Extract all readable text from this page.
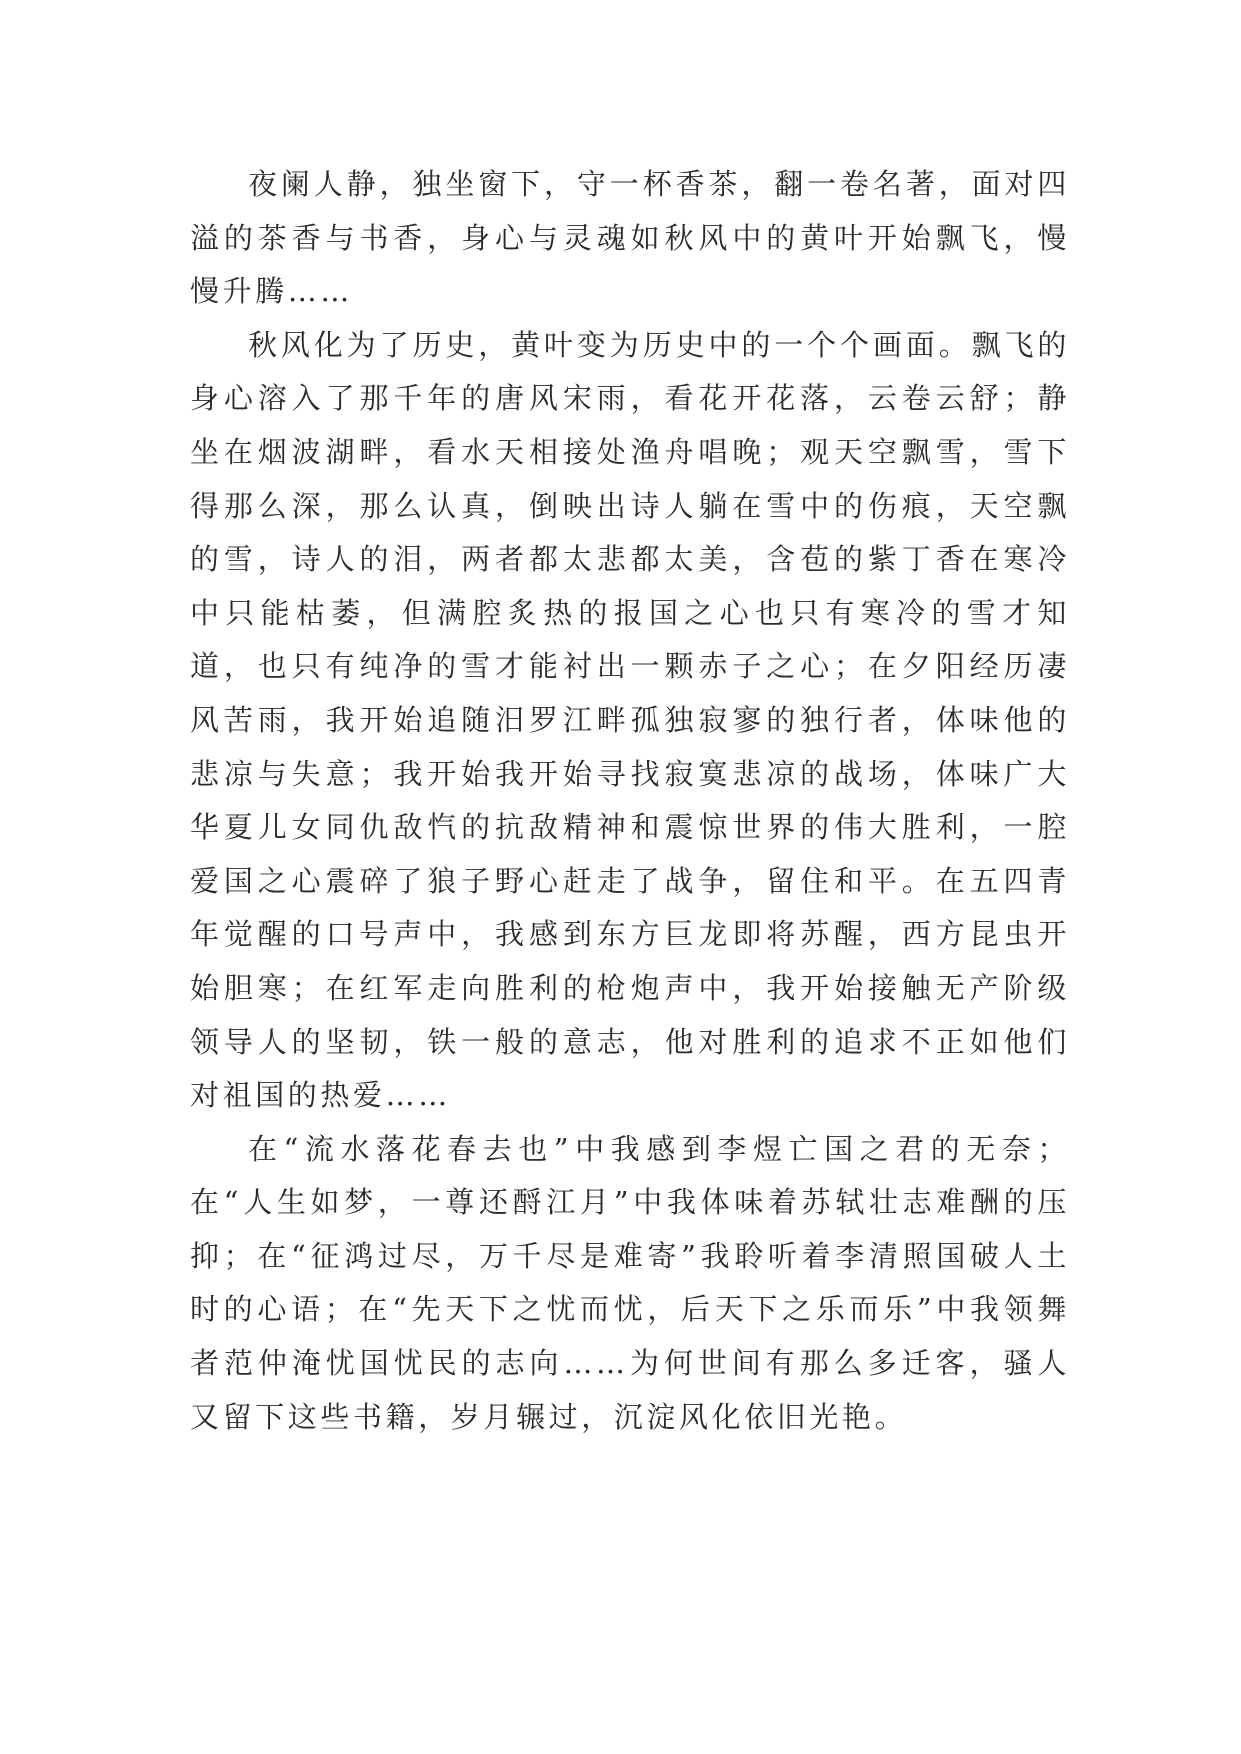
夜阑人静，独坐窗下，守一杯香茶，翻一卷名著，面对四溢的茶香与书香，身心与灵魂如秋风中的黄叶开始飘飞，慢慢升腾……

秋风化为了历史，黄叶变为历史中的一个个画面。飘飞的身心溶入了那千年的唐风宋雨，看花开花落，云卷云舒；静坐在烟波湖畔，看水天相接处渔舟唱晚；观天空飘雪，雪下得那么深，那么认真，倒映出诗人躺在雪中的伤痕，天空飘的雪，诗人的泪，两者都太悲都太美，含苞的紫丁香在寒冷中只能枯萎，但满腔炙热的报国之心也只有寒冷的雪才知道，也只有纯净的雪才能衬出一颗赤子之心；在夕阳经历凄风苦雨，我开始追随汨罗江畔孤独寂寥的独行者，体味他的悲凉与失意；我开始我开始寻找寂寞悲凉的战场，体味广大华夏儿女同仇敌忾的抗敌精神和震惊世界的伟大胜利，一腔爱国之心震碎了狼子野心赶走了战争，留住和平。在五四青年觉醒的口号声中，我感到东方巨龙即将苏醒，西方昆虫开始胆寒；在红军走向胜利的枪炮声中，我开始接触无产阶级领导人的坚韧，铁一般的意志，他对胜利的追求不正如他们对祖国的热爱……

在“流水落花春去也”中我感到李煜亡国之君的无奈；在“人生如梦，一尊还酹江月”中我体味着苏轼壮志难酬的压抑；在“征鸿过尽，万千尽是难寄”我聆听着李清照国破人土时的心语；在“先天下之忧而忧，后天下之乐而乐”中我领舞者范仲淹忧国忧民的志向……为何世间有那么多迁客，骚人又留下这些书籍，岁月辗过，沉淀风化依旧光艳。
